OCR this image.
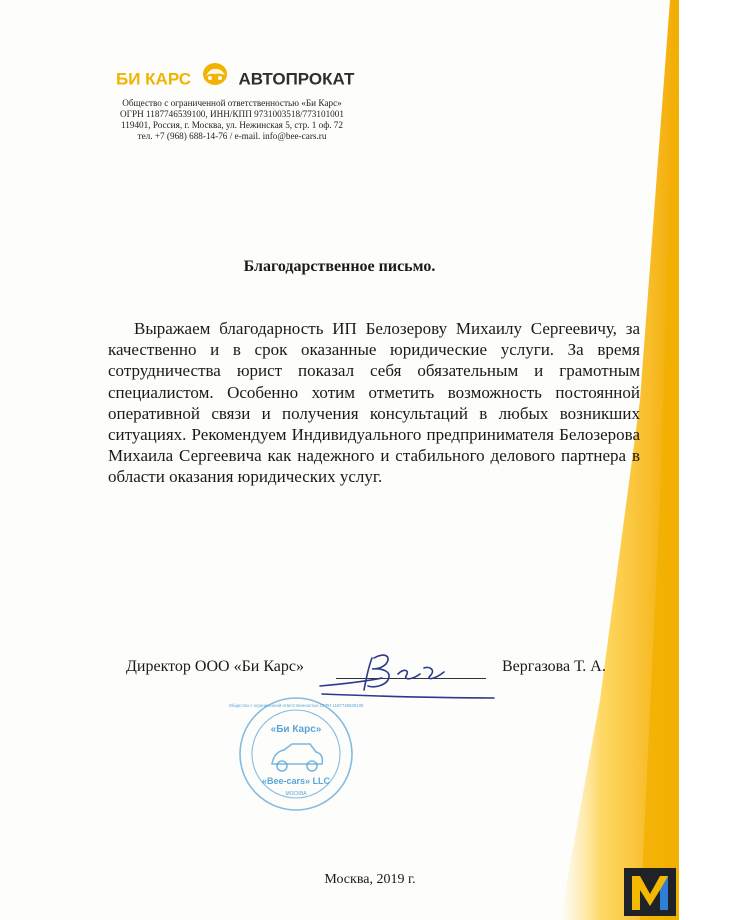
БИ КАРС	АВТОПРОКАТ
Общество с ограниченной ответственностью «Би Карс»
ОГРН 1187746539100, ИНН/КПП 9731003518/773101001
119401, Россия, г. Москва, ул. Нежинская 5, стр. 1 оф. 72
тел. +7 (968) 688-14-76 / e-mail. info@bee-cars.ru
Благодарственное письмо.
Выражаем благодарность ИП Белозерову Михаилу Сергеевичу, за качественно и в срок оказанные юридические услуги. За время сотрудничества юрист показал себя обязательным и грамотным специалистом. Особенно хотим отметить возможность постоянной оперативной связи и получения консультаций в любых возникших ситуациях. Рекомендуем Индивидуального предпринимателя Белозерова Михаила Сергеевича как надежного и стабильного делового партнера в области оказания юридических услуг.
Директор ООО «Би Карс»	Вергазова Т. А.
«Би Карс»
«Bee-cars» LLC
МОСКВА
Общество с ограниченной ответственностью ОГРН 1187746539100
Москва, 2019 г.
